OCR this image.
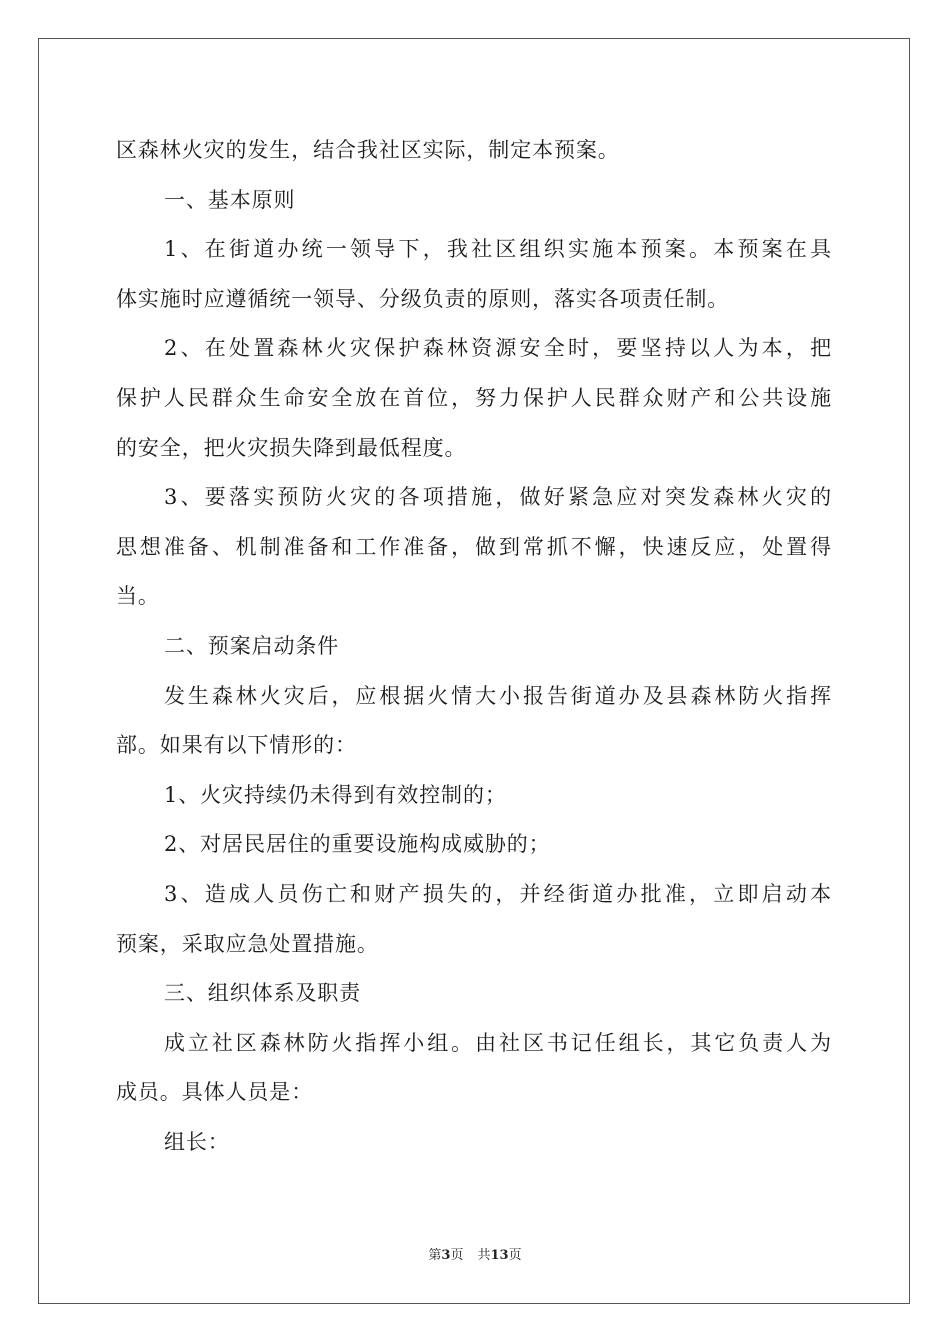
区森林火灾的发生，结合我社区实际，制定本预案。
一、基本原则
1、在街道办统一领导下，我社区组织实施本预案。本预案在具
体实施时应遵循统一领导、分级负责的原则，落实各项责任制。
2、在处置森林火灾保护森林资源安全时，要坚持以人为本，把
保护人民群众生命安全放在首位，努力保护人民群众财产和公共设施
的安全，把火灾损失降到最低程度。
3、要落实预防火灾的各项措施，做好紧急应对突发森林火灾的
思想准备、机制准备和工作准备，做到常抓不懈，快速反应，处置得
当。
二、预案启动条件
发生森林火灾后，应根据火情大小报告街道办及县森林防火指挥
部。如果有以下情形的：
1、火灾持续仍未得到有效控制的；
2、对居民居住的重要设施构成威胁的；
3、造成人员伤亡和财产损失的，并经街道办批准，立即启动本
预案，采取应急处置措施。
三、组织体系及职责
成立社区森林防火指挥小组。由社区书记任组长，其它负责人为
成员。具体人员是：
组长：
第3页 共13页
